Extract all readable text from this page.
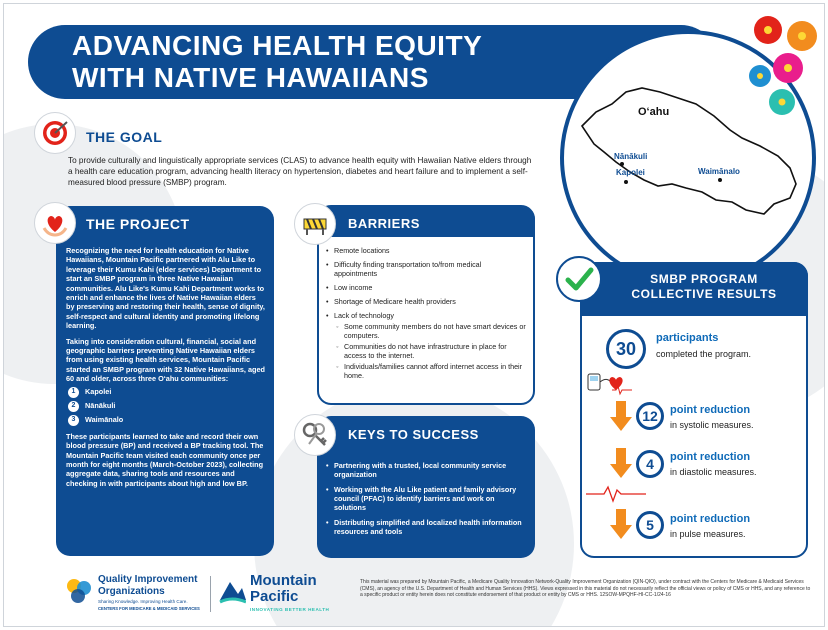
ADVANCING HEALTH EQUITY
WITH NATIVE HAWAIIANS
O‘ahu
Nānākuli
Kapolei	Waimānalo
THE GOAL
To provide culturally and linguistically appropriate services (CLAS) to advance health equity with Hawaiian Native elders through a health care education program, advancing health literacy on hypertension, diabetes and heart failure and to implement a self-measured blood pressure (SMBP) program.
THE PROJECT

Recognizing the need for health education for Native Hawaiians, Mountain Pacific partnered with Alu Like to leverage their Kumu Kahi (elder services) Department to start an SMBP program in three Native Hawaiian communities. Alu Like's Kumu Kahi Department works to enrich and enhance the lives of Native Hawaiian elders by preserving and restoring their health, sense of dignity, self-respect and cultural identity and promoting lifelong learning.

Taking into consideration cultural, financial, social and geographic barriers preventing Native Hawaiian elders from using existing health services, Mountain Pacific started an SMBP program with 32 Native Hawaiians, aged 60 and older, across three O‘ahu communities:

1	Kapolei
2	Nānākuli
3	Waimānalo

These participants learned to take and record their own blood pressure (BP) and received a BP tracking tool. The Mountain Pacific team visited each community once per month for eight months (March-October 2023), collecting aggregate data, sharing tools and resources and checking in with participants about high and low BP.

BARRIERS
• Remote locations
• Difficulty finding transportation to/from medical appointments
• Low income
• Shortage of Medicare health providers
• Lack of technology
◦ Some community members do not have smart devices or computers.
◦ Communities do not have infrastructure in place for access to the internet.
◦ Individuals/families cannot afford internet access in their home.
KEYS TO SUCCESS
• Partnering with a trusted, local community service organization
• Working with the Alu Like patient and family advisory council (PFAC) to identify barriers and work on solutions
• Distributing simplified and localized health information resources and tools
SMBP PROGRAM
COLLECTIVE RESULTS
30
participants
completed the program.
12	point reduction
in systolic measures.
4	point reduction
in diastolic measures.
5	point reduction
in pulse measures.
Quality Improvement
Organizations
Sharing Knowledge. Improving Health Care.
CENTERS FOR MEDICARE & MEDICAID SERVICES
Mountain
Pacific
INNOVATING BETTER HEALTH
This material was prepared by Mountain Pacific, a Medicare Quality Innovation Network-Quality Improvement Organization (QIN-QIO), under contract with the Centers for Medicare & Medicaid Services (CMS), an agency of the U.S. Department of Health and Human Services (HHS). Views expressed in this material do not necessarily reflect the official views or policy of CMS or HHS, and any reference to a specific product or entity herein does not constitute endorsement of that product or entity by CMS or HHS. 12SOW-MPQHF-HI-CC-1/24-16
